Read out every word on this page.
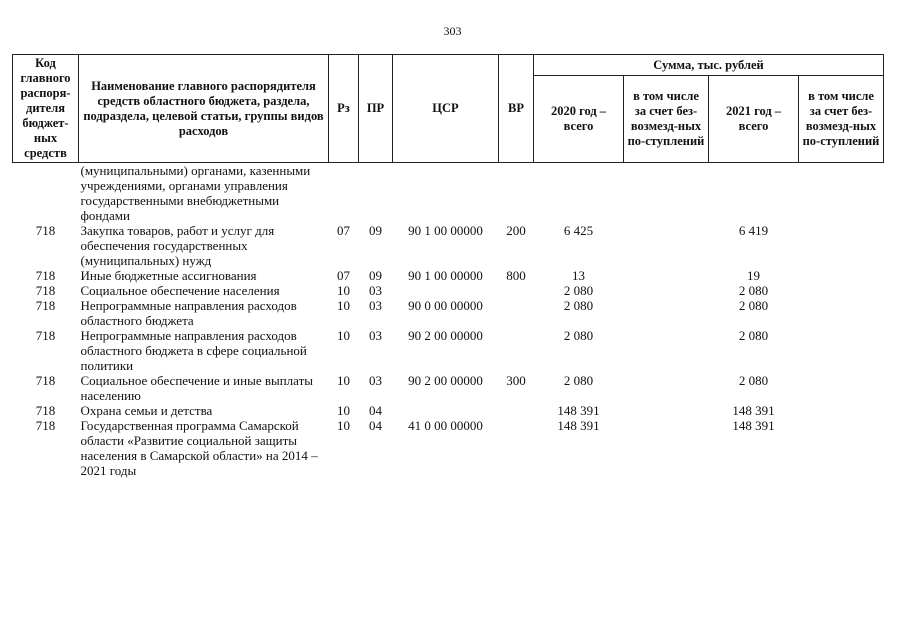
303
Код главного распоря-дителя бюджет-ных средств	Наименование главного распорядителя средств областного бюджета, раздела, подраздела, целевой статьи, группы видов расходов	Рз	ПР	ЦСР	ВР	Сумма, тыс. рублей			
						2020 год – всего	в том числе за счет без-возмезд-ных по-ступлений	2021 год – всего	в том числе за счет без-возмезд-ных по-ступлений
	(муниципальными) органами, казенными учреждениями, органами управления государственными внебюджетными фондами								
718	Закупка товаров, работ и услуг для обеспечения государственных (муниципальных) нужд	07	09	90 1 00 00000	200	6 425		6 419	
718	Иные бюджетные ассигнования	07	09	90 1 00 00000	800	13		19	
718	Социальное обеспечение населения	10	03			2 080		2 080	
718	Непрограммные направления расходов областного бюджета	10	03	90 0 00 00000		2 080		2 080	
718	Непрограммные направления расходов областного бюджета в сфере социальной политики	10	03	90 2 00 00000		2 080		2 080	
718	Социальное обеспечение и иные выплаты населению	10	03	90 2 00 00000	300	2 080		2 080	
718	Охрана семьи и детства	10	04			148 391		148 391	
718	Государственная программа Самарской области «Развитие социальной защиты населения в Самарской области» на 2014 – 2021 годы	10	04	41 0 00 00000		148 391		148 391	
